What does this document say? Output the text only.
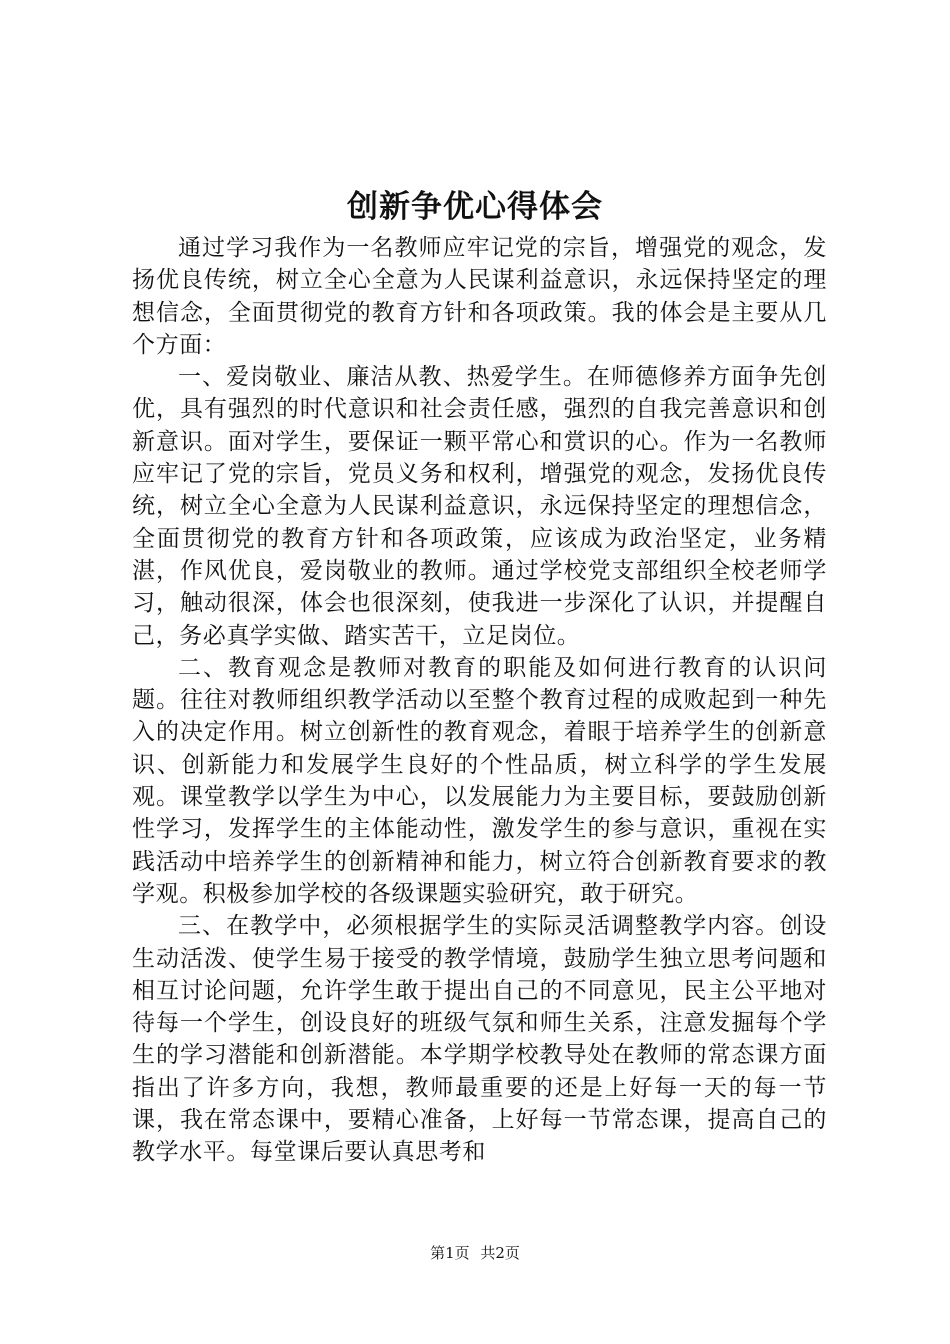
创新争优心得体会

通过学习我作为一名教师应牢记党的宗旨，增强党的观念，发扬优良传统，树立全心全意为人民谋利益意识，永远保持坚定的理想信念，全面贯彻党的教育方针和各项政策。我的体会是主要从几个方面：

一、爱岗敬业、廉洁从教、热爱学生。在师德修养方面争先创优，具有强烈的时代意识和社会责任感，强烈的自我完善意识和创新意识。面对学生，要保证一颗平常心和赏识的心。作为一名教师应牢记了党的宗旨，党员义务和权利，增强党的观念，发扬优良传统，树立全心全意为人民谋利益意识，永远保持坚定的理想信念，全面贯彻党的教育方针和各项政策，应该成为政治坚定，业务精湛，作风优良，爱岗敬业的教师。通过学校党支部组织全校老师学习，触动很深，体会也很深刻，使我进一步深化了认识，并提醒自己，务必真学实做、踏实苦干，立足岗位。

二、教育观念是教师对教育的职能及如何进行教育的认识问题。往往对教师组织教学活动以至整个教育过程的成败起到一种先入的决定作用。树立创新性的教育观念，着眼于培养学生的创新意识、创新能力和发展学生良好的个性品质，树立科学的学生发展观。课堂教学以学生为中心，以发展能力为主要目标，要鼓励创新性学习，发挥学生的主体能动性，激发学生的参与意识，重视在实践活动中培养学生的创新精神和能力，树立符合创新教育要求的教学观。积极参加学校的各级课题实验研究，敢于研究。

三、在教学中，必须根据学生的实际灵活调整教学内容。创设生动活泼、使学生易于接受的教学情境，鼓励学生独立思考问题和相互讨论问题，允许学生敢于提出自己的不同意见，民主公平地对待每一个学生，创设良好的班级气氛和师生关系，注意发掘每个学生的学习潜能和创新潜能。本学期学校教导处在教师的常态课方面指出了许多方向，我想，教师最重要的还是上好每一天的每一节课，我在常态课中，要精心准备，上好每一节常态课，提高自己的教学水平。每堂课后要认真思考和

第1页 共2页
